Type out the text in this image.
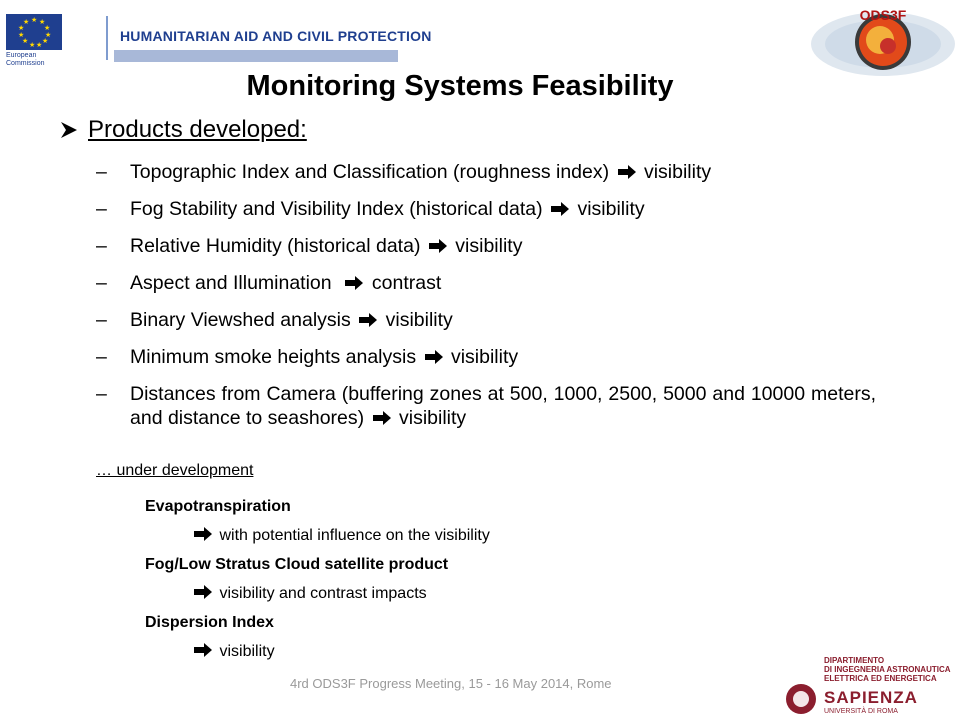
★ ★
★
★
★
★
★
★
★
★
★
European
Commission
HUMANITARIAN AID AND CIVIL PROTECTION
ODS3F
Monitoring Systems Feasibility
Products developed:
– Topographic Index and Classification (roughness index) visibility
– Fog Stability and Visibility Index (historical data) visibility
– Relative Humidity (historical data) visibility
– Aspect and Illumination   contrast
– Binary Viewshed analysis visibility
– Minimum smoke heights analysis visibility
– Distances from Camera (buffering zones at 500, 1000, 2500, 5000 and 10000 meters, and distance to seashores) visibility
… under development
Evapotranspiration
with potential influence on the visibility
Fog/Low Stratus Cloud satellite product
visibility and contrast impacts
Dispersion Index
visibility
4rd ODS3F Progress Meeting, 15 - 16 May 2014, Rome
DIPARTIMENTO
DI INGEGNERIA ASTRONAUTICA
ELETTRICA ED ENERGETICA
SAPIENZA
UNIVERSITÀ DI ROMA
